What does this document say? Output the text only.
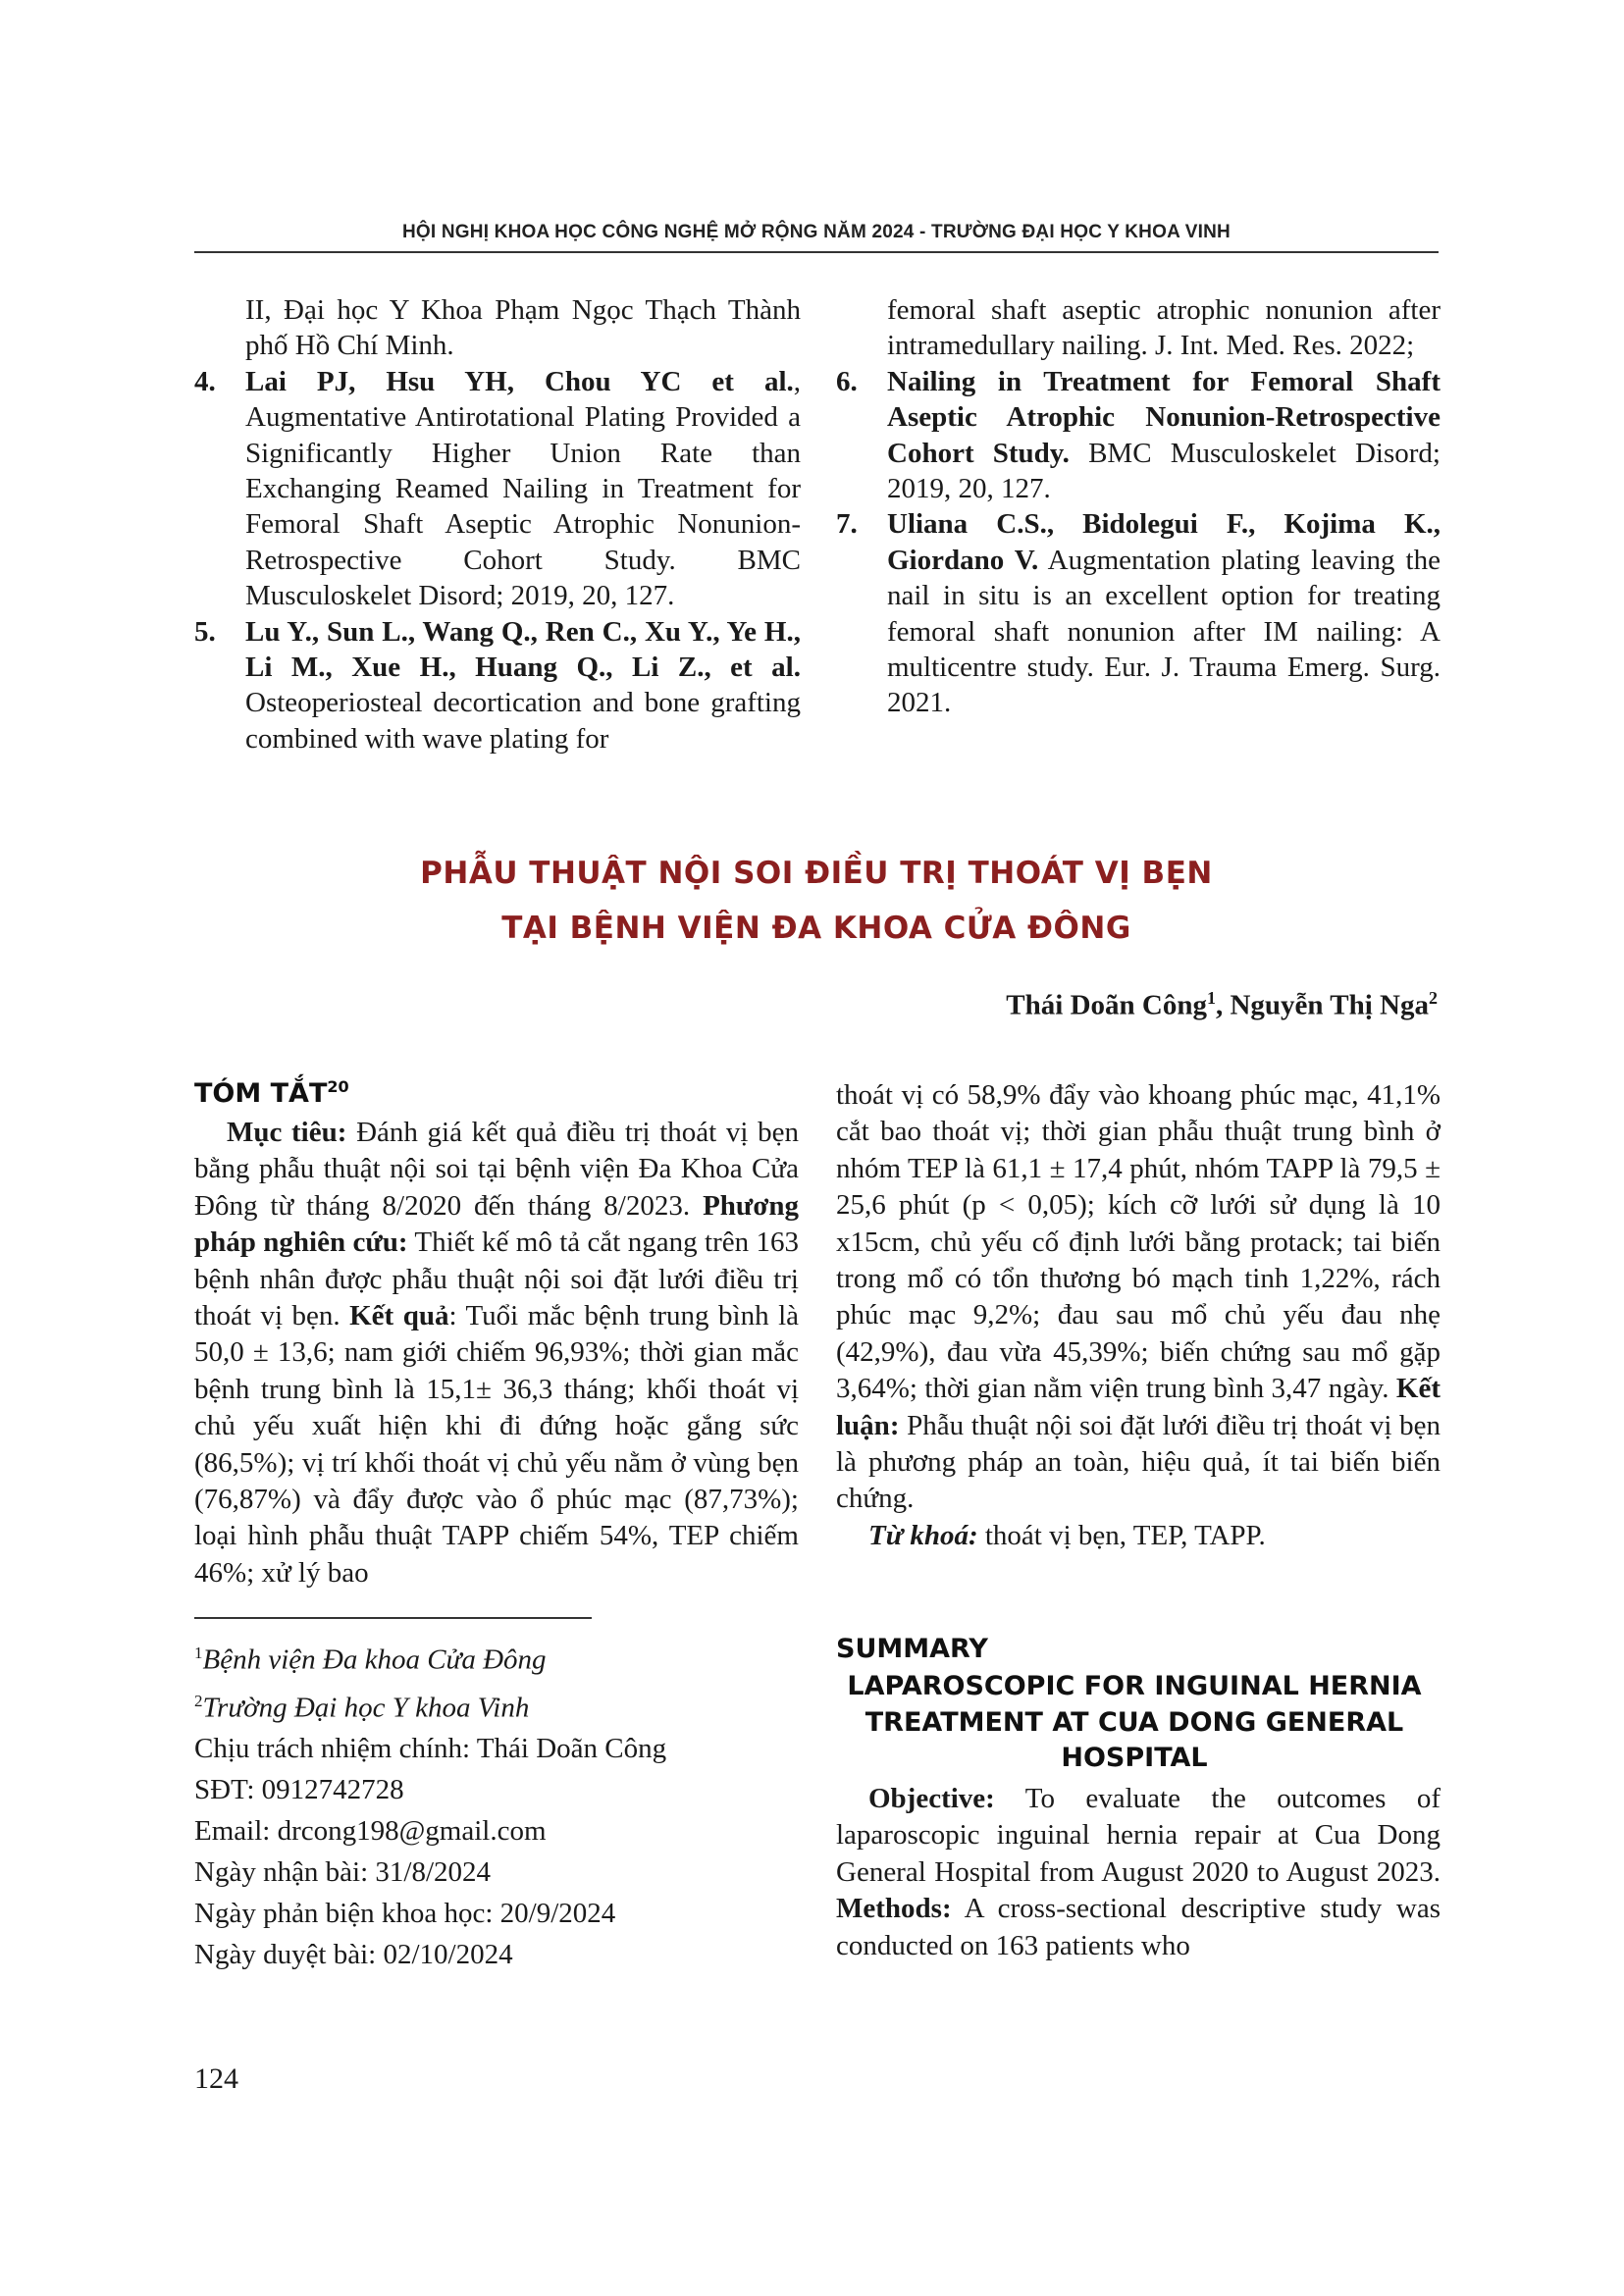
HỘI NGHỊ KHOA HỌC CÔNG NGHỆ MỞ RỘNG NĂM 2024 - TRƯỜNG ĐẠI HỌC Y KHOA VINH

II, Đại học Y Khoa Phạm Ngọc Thạch Thành phố Hồ Chí Minh.

4. Lai PJ, Hsu YH, Chou YC et al., Augmentative Antirotational Plating Provided a Significantly Higher Union Rate than Exchanging Reamed Nailing in Treatment for Femoral Shaft Aseptic Atrophic Nonunion-Retrospective Cohort Study. BMC Musculoskelet Disord; 2019, 20, 127.

5. Lu Y., Sun L., Wang Q., Ren C., Xu Y., Ye H., Li M., Xue H., Huang Q., Li Z., et al. Osteoperiosteal decortication and bone grafting combined with wave plating for

femoral shaft aseptic atrophic nonunion after intramedullary nailing. J. Int. Med. Res. 2022;

6. Nailing in Treatment for Femoral Shaft Aseptic Atrophic Nonunion-Retrospective Cohort Study. BMC Musculoskelet Disord; 2019, 20, 127.

7. Uliana C.S., Bidolegui F., Kojima K., Giordano V. Augmentation plating leaving the nail in situ is an excellent option for treating femoral shaft nonunion after IM nailing: A multicentre study. Eur. J. Trauma Emerg. Surg. 2021.

PHẪU THUẬT NỘI SOI ĐIỀU TRỊ THOÁT VỊ BẸN
TẠI BỆNH VIỆN ĐA KHOA CỬA ĐÔNG
Thái Doãn Công$^1$, Nguyễn Thị Nga$^2$
TÓM TẮT$^{20}$

Mục tiêu: Đánh giá kết quả điều trị thoát vị bẹn bằng phẫu thuật nội soi tại bệnh viện Đa Khoa Cửa Đông từ tháng 8/2020 đến tháng 8/2023. Phương pháp nghiên cứu: Thiết kế mô tả cắt ngang trên 163 bệnh nhân được phẫu thuật nội soi đặt lưới điều trị thoát vị bẹn. Kết quả: Tuổi mắc bệnh trung bình là 50,0 ± 13,6; nam giới chiếm 96,93%; thời gian mắc bệnh trung bình là 15,1± 36,3 tháng; khối thoát vị chủ yếu xuất hiện khi đi đứng hoặc gắng sức (86,5%); vị trí khối thoát vị chủ yếu nằm ở vùng bẹn (76,87%) và đẩy được vào ổ phúc mạc (87,73%); loại hình phẫu thuật TAPP chiếm 54%, TEP chiếm 46%; xử lý bao

thoát vị có 58,9% đẩy vào khoang phúc mạc, 41,1% cắt bao thoát vị; thời gian phẫu thuật trung bình ở nhóm TEP là 61,1 ± 17,4 phút, nhóm TAPP là 79,5 ± 25,6 phút (p < 0,05); kích cỡ lưới sử dụng là 10 x15cm, chủ yếu cố định lưới bằng protack; tai biến trong mổ có tổn thương bó mạch tinh 1,22%, rách phúc mạc 9,2%; đau sau mổ chủ yếu đau nhẹ (42,9%), đau vừa 45,39%; biến chứng sau mổ gặp 3,64%; thời gian nằm viện trung bình 3,47 ngày. Kết luận: Phẫu thuật nội soi đặt lưới điều trị thoát vị bẹn là phương pháp an toàn, hiệu quả, ít tai biến biến chứng.

Từ khoá: thoát vị bẹn, TEP, TAPP.

SUMMARY
LAPAROSCOPIC FOR INGUINAL HERNIA
TREATMENT AT CUA DONG GENERAL
HOSPITAL

Objective: To evaluate the outcomes of laparoscopic inguinal hernia repair at Cua Dong General Hospital from August 2020 to August 2023. Methods: A cross-sectional descriptive study was conducted on 163 patients who

$^1$Bệnh viện Đa khoa Cửa Đông
$^2$Trường Đại học Y khoa Vinh
Chịu trách nhiệm chính: Thái Doãn Công
SĐT: 0912742728
Email: drcong198@gmail.com
Ngày nhận bài: 31/8/2024
Ngày phản biện khoa học: 20/9/2024
Ngày duyệt bài: 02/10/2024
124
